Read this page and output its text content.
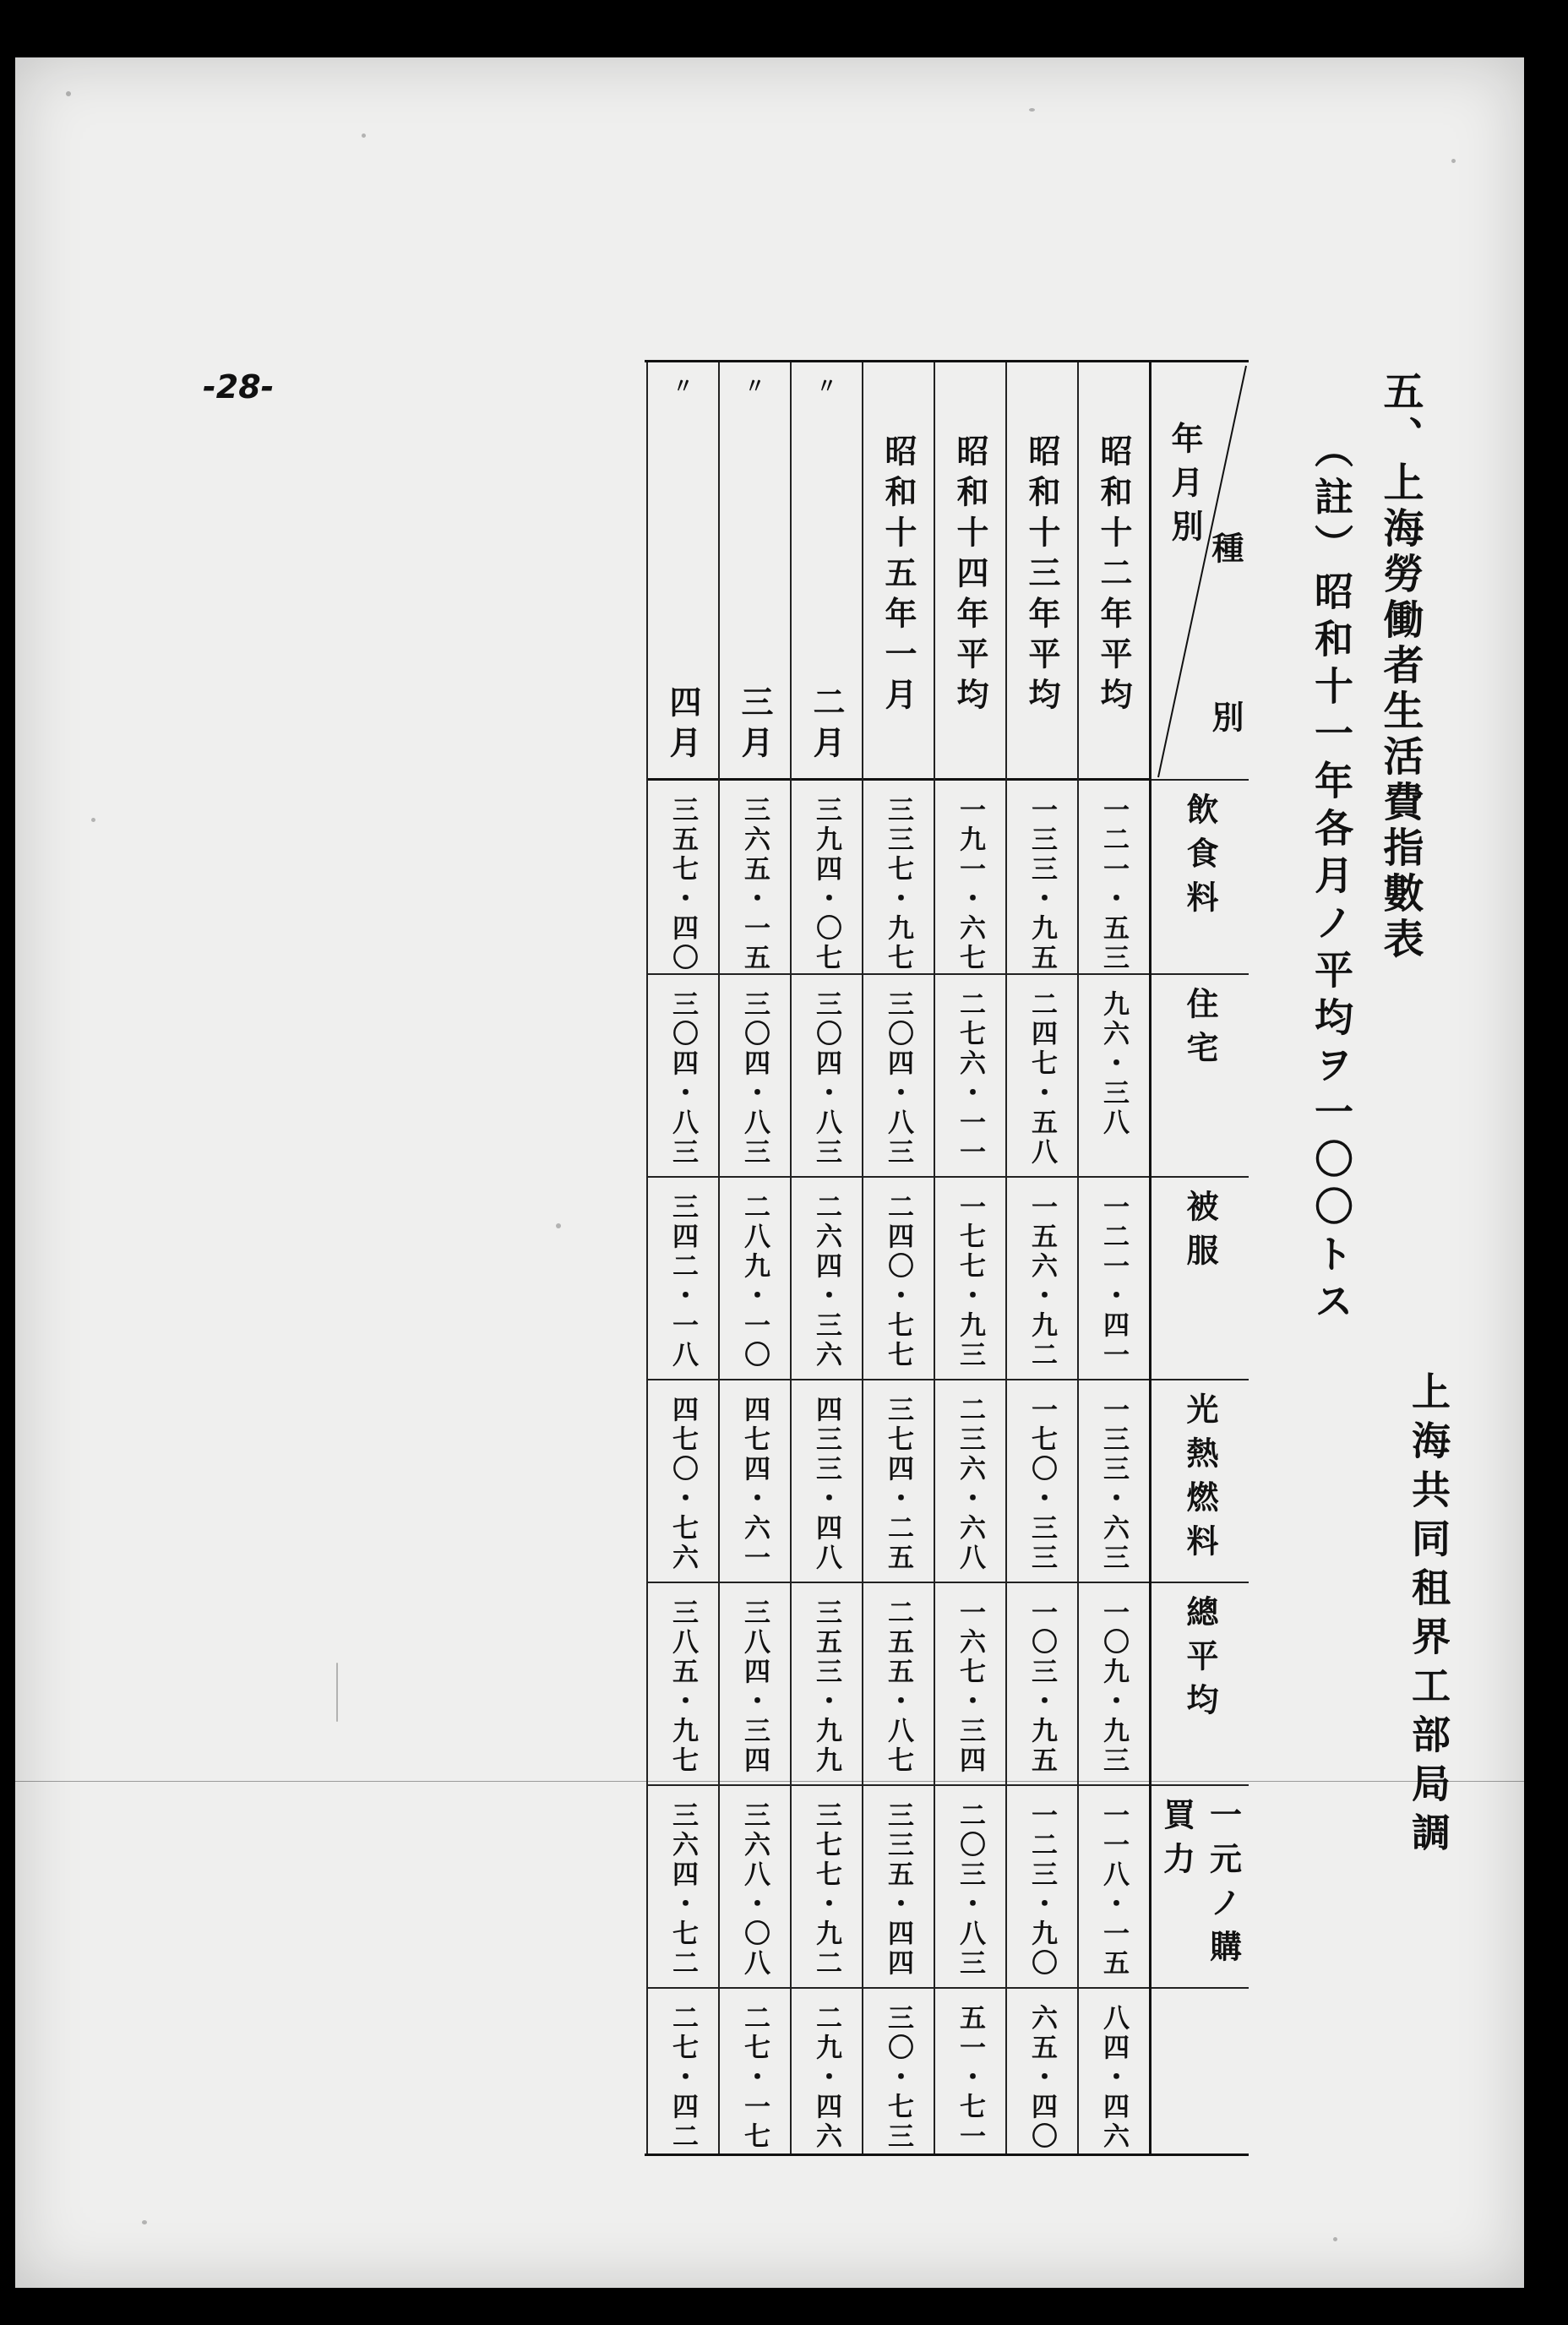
-28-	五、上海勞働者生活費指數表
（註）昭和十一年各月ノ平均ヲ一〇〇トス
上海共同租界工部局調
種
年月別
別
飲食料
住宅
被服
光熱燃料
總平均
一元ノ購買力
昭和十二年平均
一二一・五三
九六・三八
一二一・四一
一三三・六三
一〇九・九三
一一八・一五
八四・四六
昭和十三年平均
一三三・九五
二四七・五八
一五六・九二
一七〇・三三
一〇三・九五
一二三・九〇
六五・四〇
昭和十四年平均
一九一・六七
二七六・一一
一七七・九三
二三六・六八
一六七・三四
二〇三・八三
五一・七一
昭和十五年一月
三三七・九七
三〇四・八三
二四〇・七七
三七四・二五
二五五・八七
三三五・四四
三〇・七三
〃
二月
三九四・〇七
三〇四・八三
二六四・三六
四三三・四八
三五三・九九
三七七・九二
二九・四六
〃
三月
三六五・一五
三〇四・八三
二八九・一〇
四七四・六一
三八四・三四
三六八・〇八
二七・一七
〃
四月
三五七・四〇
三〇四・八三
三四二・一八
四七〇・七六
三八五・九七
三六四・七二
二七・四二
